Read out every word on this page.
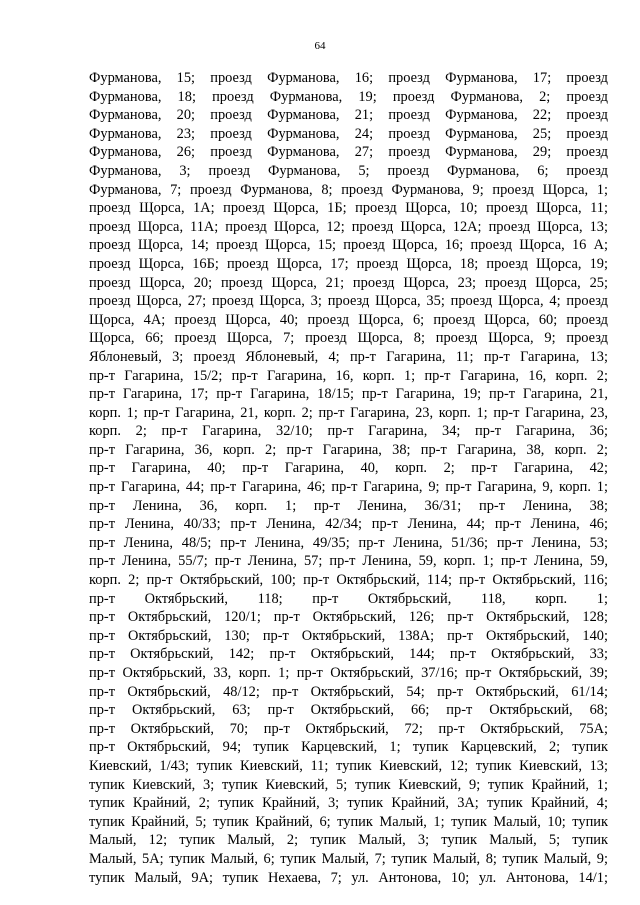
64
Фурманова, 15; проезд Фурманова, 16; проезд Фурманова, 17; проезд
Фурманова, 18; проезд Фурманова, 19; проезд Фурманова, 2; проезд
Фурманова, 20; проезд Фурманова, 21; проезд Фурманова, 22; проезд
Фурманова, 23; проезд Фурманова, 24; проезд Фурманова, 25; проезд
Фурманова, 26; проезд Фурманова, 27; проезд Фурманова, 29; проезд
Фурманова, 3; проезд Фурманова, 5; проезд Фурманова, 6; проезд
Фурманова, 7; проезд Фурманова, 8; проезд Фурманова, 9; проезд Щорса, 1;
проезд Щорса, 1А; проезд Щорса, 1Б; проезд Щорса, 10; проезд Щорса, 11;
проезд Щорса, 11А; проезд Щорса, 12; проезд Щорса, 12А; проезд Щорса, 13;
проезд Щорса, 14; проезд Щорса, 15; проезд Щорса, 16; проезд Щорса, 16 А;
проезд Щорса, 16Б; проезд Щорса, 17; проезд Щорса, 18; проезд Щорса, 19;
проезд Щорса, 20; проезд Щорса, 21; проезд Щорса, 23; проезд Щорса, 25;
проезд Щорса, 27; проезд Щорса, 3; проезд Щорса, 35; проезд Щорса, 4; проезд
Щорса, 4А; проезд Щорса, 40; проезд Щорса, 6; проезд Щорса, 60; проезд
Щорса, 66; проезд Щорса, 7; проезд Щорса, 8; проезд Щорса, 9; проезд
Яблоневый, 3; проезд Яблоневый, 4; пр-т Гагарина, 11; пр-т Гагарина, 13;
пр-т Гагарина, 15/2; пр-т Гагарина, 16, корп. 1; пр-т Гагарина, 16, корп. 2;
пр-т Гагарина, 17; пр-т Гагарина, 18/15; пр-т Гагарина, 19; пр-т Гагарина, 21,
корп. 1; пр-т Гагарина, 21, корп. 2; пр-т Гагарина, 23, корп. 1; пр-т Гагарина, 23,
корп. 2; пр-т Гагарина, 32/10; пр-т Гагарина, 34; пр-т Гагарина, 36;
пр-т Гагарина, 36, корп. 2; пр-т Гагарина, 38; пр-т Гагарина, 38, корп. 2;
пр-т Гагарина, 40; пр-т Гагарина, 40, корп. 2; пр-т Гагарина, 42;
пр-т Гагарина, 44; пр-т Гагарина, 46; пр-т Гагарина, 9; пр-т Гагарина, 9, корп. 1;
пр-т Ленина, 36, корп. 1; пр-т Ленина, 36/31; пр-т Ленина, 38;
пр-т Ленина, 40/33; пр-т Ленина, 42/34; пр-т Ленина, 44; пр-т Ленина, 46;
пр-т Ленина, 48/5; пр-т Ленина, 49/35; пр-т Ленина, 51/36; пр-т Ленина, 53;
пр-т Ленина, 55/7; пр-т Ленина, 57; пр-т Ленина, 59, корп. 1; пр-т Ленина, 59,
корп. 2; пр-т Октябрьский, 100; пр-т Октябрьский, 114; пр-т Октябрьский, 116;
пр-т Октябрьский, 118; пр-т Октябрьский, 118, корп. 1;
пр-т Октябрьский, 120/1; пр-т Октябрьский, 126; пр-т Октябрьский, 128;
пр-т Октябрьский, 130; пр-т Октябрьский, 138А; пр-т Октябрьский, 140;
пр-т Октябрьский, 142; пр-т Октябрьский, 144; пр-т Октябрьский, 33;
пр-т Октябрьский, 33, корп. 1; пр-т Октябрьский, 37/16; пр-т Октябрьский, 39;
пр-т Октябрьский, 48/12; пр-т Октябрьский, 54; пр-т Октябрьский, 61/14;
пр-т Октябрьский, 63; пр-т Октябрьский, 66; пр-т Октябрьский, 68;
пр-т Октябрьский, 70; пр-т Октябрьский, 72; пр-т Октябрьский, 75А;
пр-т Октябрьский, 94; тупик Карцевский, 1; тупик Карцевский, 2; тупик
Киевский, 1/43; тупик Киевский, 11; тупик Киевский, 12; тупик Киевский, 13;
тупик Киевский, 3; тупик Киевский, 5; тупик Киевский, 9; тупик Крайний, 1;
тупик Крайний, 2; тупик Крайний, 3; тупик Крайний, 3А; тупик Крайний, 4;
тупик Крайний, 5; тупик Крайний, 6; тупик Малый, 1; тупик Малый, 10; тупик
Малый, 12; тупик Малый, 2; тупик Малый, 3; тупик Малый, 5; тупик
Малый, 5А; тупик Малый, 6; тупик Малый, 7; тупик Малый, 8; тупик Малый, 9;
тупик Малый, 9А; тупик Нехаева, 7; ул. Антонова, 10; ул. Антонова, 14/1;
